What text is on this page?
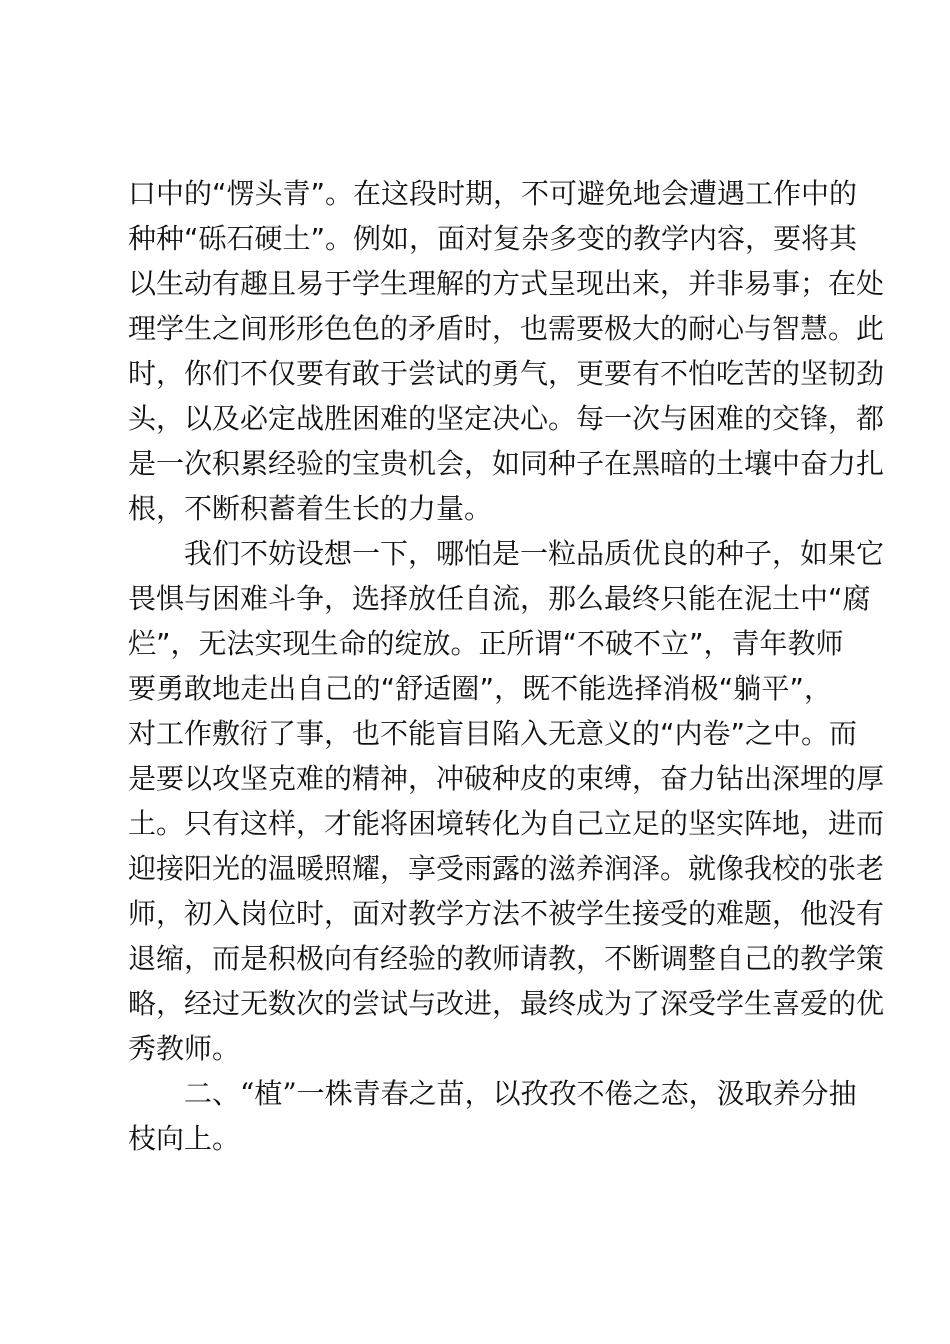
口中的“愣头青”。在这段时期，不可避免地会遭遇工作中的
种种“砾石硬土”。例如，面对复杂多变的教学内容，要将其
以生动有趣且易于学生理解的方式呈现出来，并非易事；在处
理学生之间形形色色的矛盾时，也需要极大的耐心与智慧。此
时，你们不仅要有敢于尝试的勇气，更要有不怕吃苦的坚韧劲
头，以及必定战胜困难的坚定决心。每一次与困难的交锋，都
是一次积累经验的宝贵机会，如同种子在黑暗的土壤中奋力扎
根，不断积蓄着生长的力量。
我们不妨设想一下，哪怕是一粒品质优良的种子，如果它
畏惧与困难斗争，选择放任自流，那么最终只能在泥土中“腐
烂”，无法实现生命的绽放。正所谓“不破不立”，青年教师
要勇敢地走出自己的“舒适圈”，既不能选择消极“躺平”，
对工作敷衍了事，也不能盲目陷入无意义的“内卷”之中。而
是要以攻坚克难的精神，冲破种皮的束缚，奋力钻出深埋的厚
土。只有这样，才能将困境转化为自己立足的坚实阵地，进而
迎接阳光的温暖照耀，享受雨露的滋养润泽。就像我校的张老
师，初入岗位时，面对教学方法不被学生接受的难题，他没有
退缩，而是积极向有经验的教师请教，不断调整自己的教学策
略，经过无数次的尝试与改进，最终成为了深受学生喜爱的优
秀教师。
二、“植”一株青春之苗，以孜孜不倦之态，汲取养分抽
枝向上。
